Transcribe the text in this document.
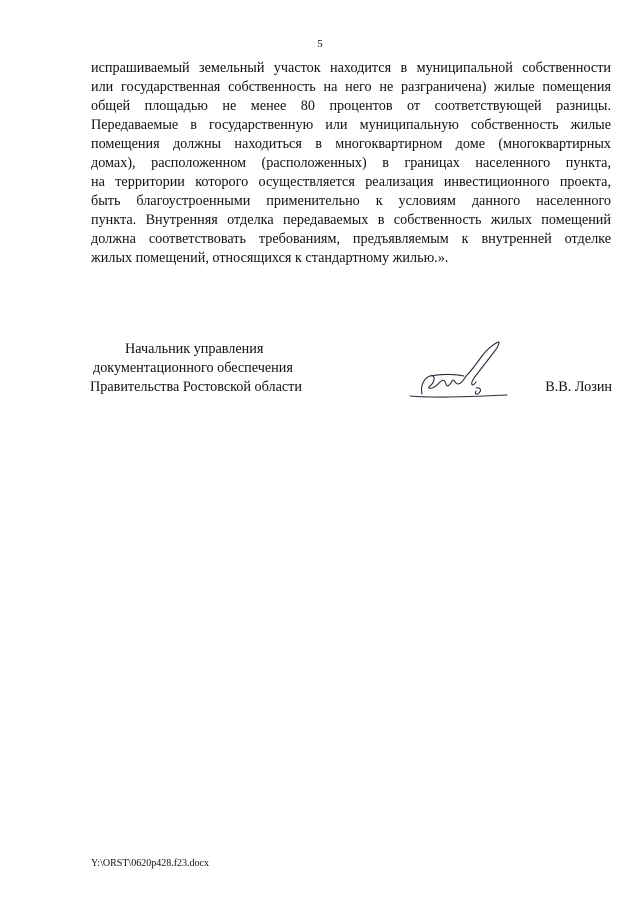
5
испрашиваемый земельный участок находится в муниципальной собственности
или государственная собственность на него не разграничена) жилые помещения
общей площадью не менее 80 процентов от соответствующей разницы.
Передаваемые в государственную или муниципальную собственность жилые
помещения должны находиться в многоквартирном доме (многоквартирных
домах), расположенном (расположенных) в границах населенного пункта,
на территории которого осуществляется реализация инвестиционного проекта,
быть благоустроенными применительно к условиям данного населенного
пункта. Внутренняя отделка передаваемых в собственность жилых помещений
должна соответствовать требованиям, предъявляемым к внутренней отделке
жилых помещений, относящихся к стандартному жилью.».
Начальник управления
документационного обеспечения
Правительства Ростовской области	В.В. Лозин
Y:\ORST\0620p428.f23.docx
